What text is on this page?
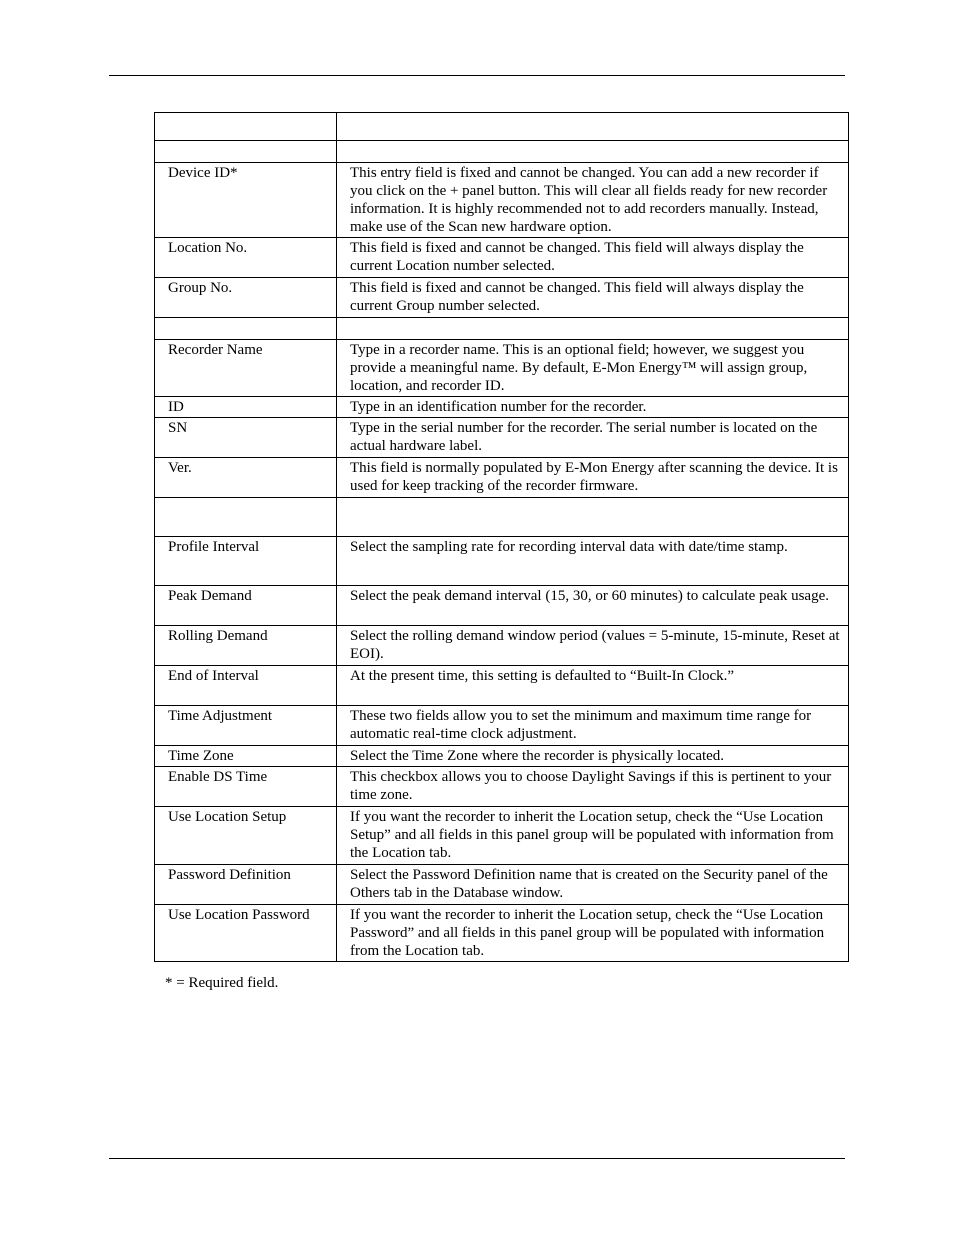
Device ID*	This entry field is fixed and cannot be changed. You can add a new recorder if you click on the + panel button. This will clear all fields ready for new recorder information. It is highly recommended not to add recorders manually. Instead, make use of the Scan new hardware option.
Location No.	This field is fixed and cannot be changed. This field will always display the current Location number selected.
Group No.	This field is fixed and cannot be changed. This field will always display the current Group number selected.

Recorder Name	Type in a recorder name. This is an optional field; however, we suggest you provide a meaningful name. By default, E-Mon Energy™ will assign group, location, and recorder ID.
ID	Type in an identification number for the recorder.
SN	Type in the serial number for the recorder. The serial number is located on the actual hardware label.
Ver.	This field is normally populated by E-Mon Energy after scanning the device. It is used for keep tracking of the recorder firmware.

Profile Interval	Select the sampling rate for recording interval data with date/time stamp.
Peak Demand	Select the peak demand interval (15, 30, or 60 minutes) to calculate peak usage.
Rolling Demand	Select the rolling demand window period (values = 5-minute, 15-minute, Reset at EOI).
End of Interval	At the present time, this setting is defaulted to “Built-In Clock.”
Time Adjustment	These two fields allow you to set the minimum and maximum time range for automatic real-time clock adjustment.
Time Zone	Select the Time Zone where the recorder is physically located.
Enable DS Time	This checkbox allows you to choose Daylight Savings if this is pertinent to your time zone.
Use Location Setup	If you want the recorder to inherit the Location setup, check the “Use Location Setup” and all fields in this panel group will be populated with information from the Location tab.
Password Definition	Select the Password Definition name that is created on the Security panel of the Others tab in the Database window.
Use Location Password	If you want the recorder to inherit the Location setup, check the “Use Location Password” and all fields in this panel group will be populated with information from the Location tab.
* = Required field.
